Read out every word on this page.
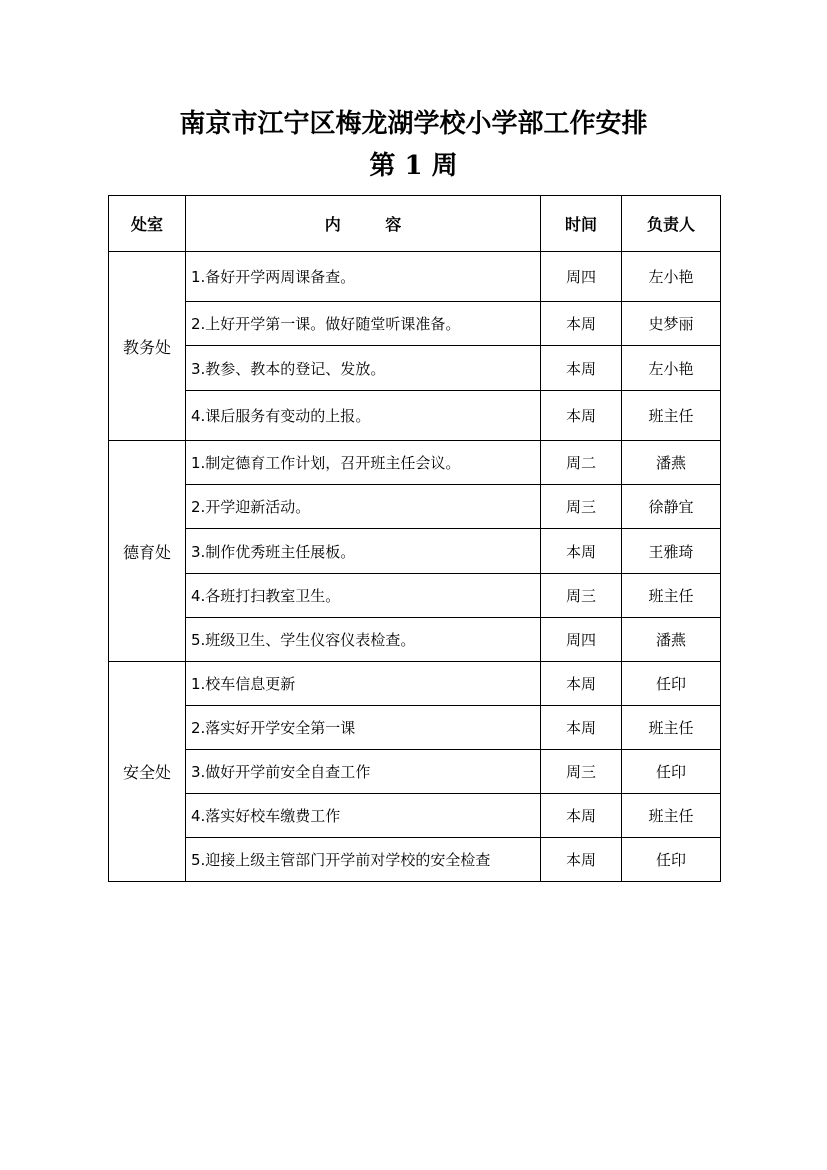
南京市江宁区梅龙湖学校小学部工作安排
第 1 周
处室	内        容	时间	负责人
教务处	1.备好开学两周课备查。	周四	左小艳
	2.上好开学第一课。做好随堂听课准备。	本周	史梦丽
	3.教参、教本的登记、发放。	本周	左小艳
	4.课后服务有变动的上报。	本周	班主任
德育处	1.制定德育工作计划，召开班主任会议。	周二	潘燕
	2.开学迎新活动。	周三	徐静宜
	3.制作优秀班主任展板。	本周	王雅琦
	4.各班打扫教室卫生。	周三	班主任
	5.班级卫生、学生仪容仪表检查。	周四	潘燕
安全处	1.校车信息更新	本周	任印
	2.落实好开学安全第一课	本周	班主任
	3.做好开学前安全自查工作	周三	任印
	4.落实好校车缴费工作	本周	班主任
	5.迎接上级主管部门开学前对学校的安全检查	本周	任印
